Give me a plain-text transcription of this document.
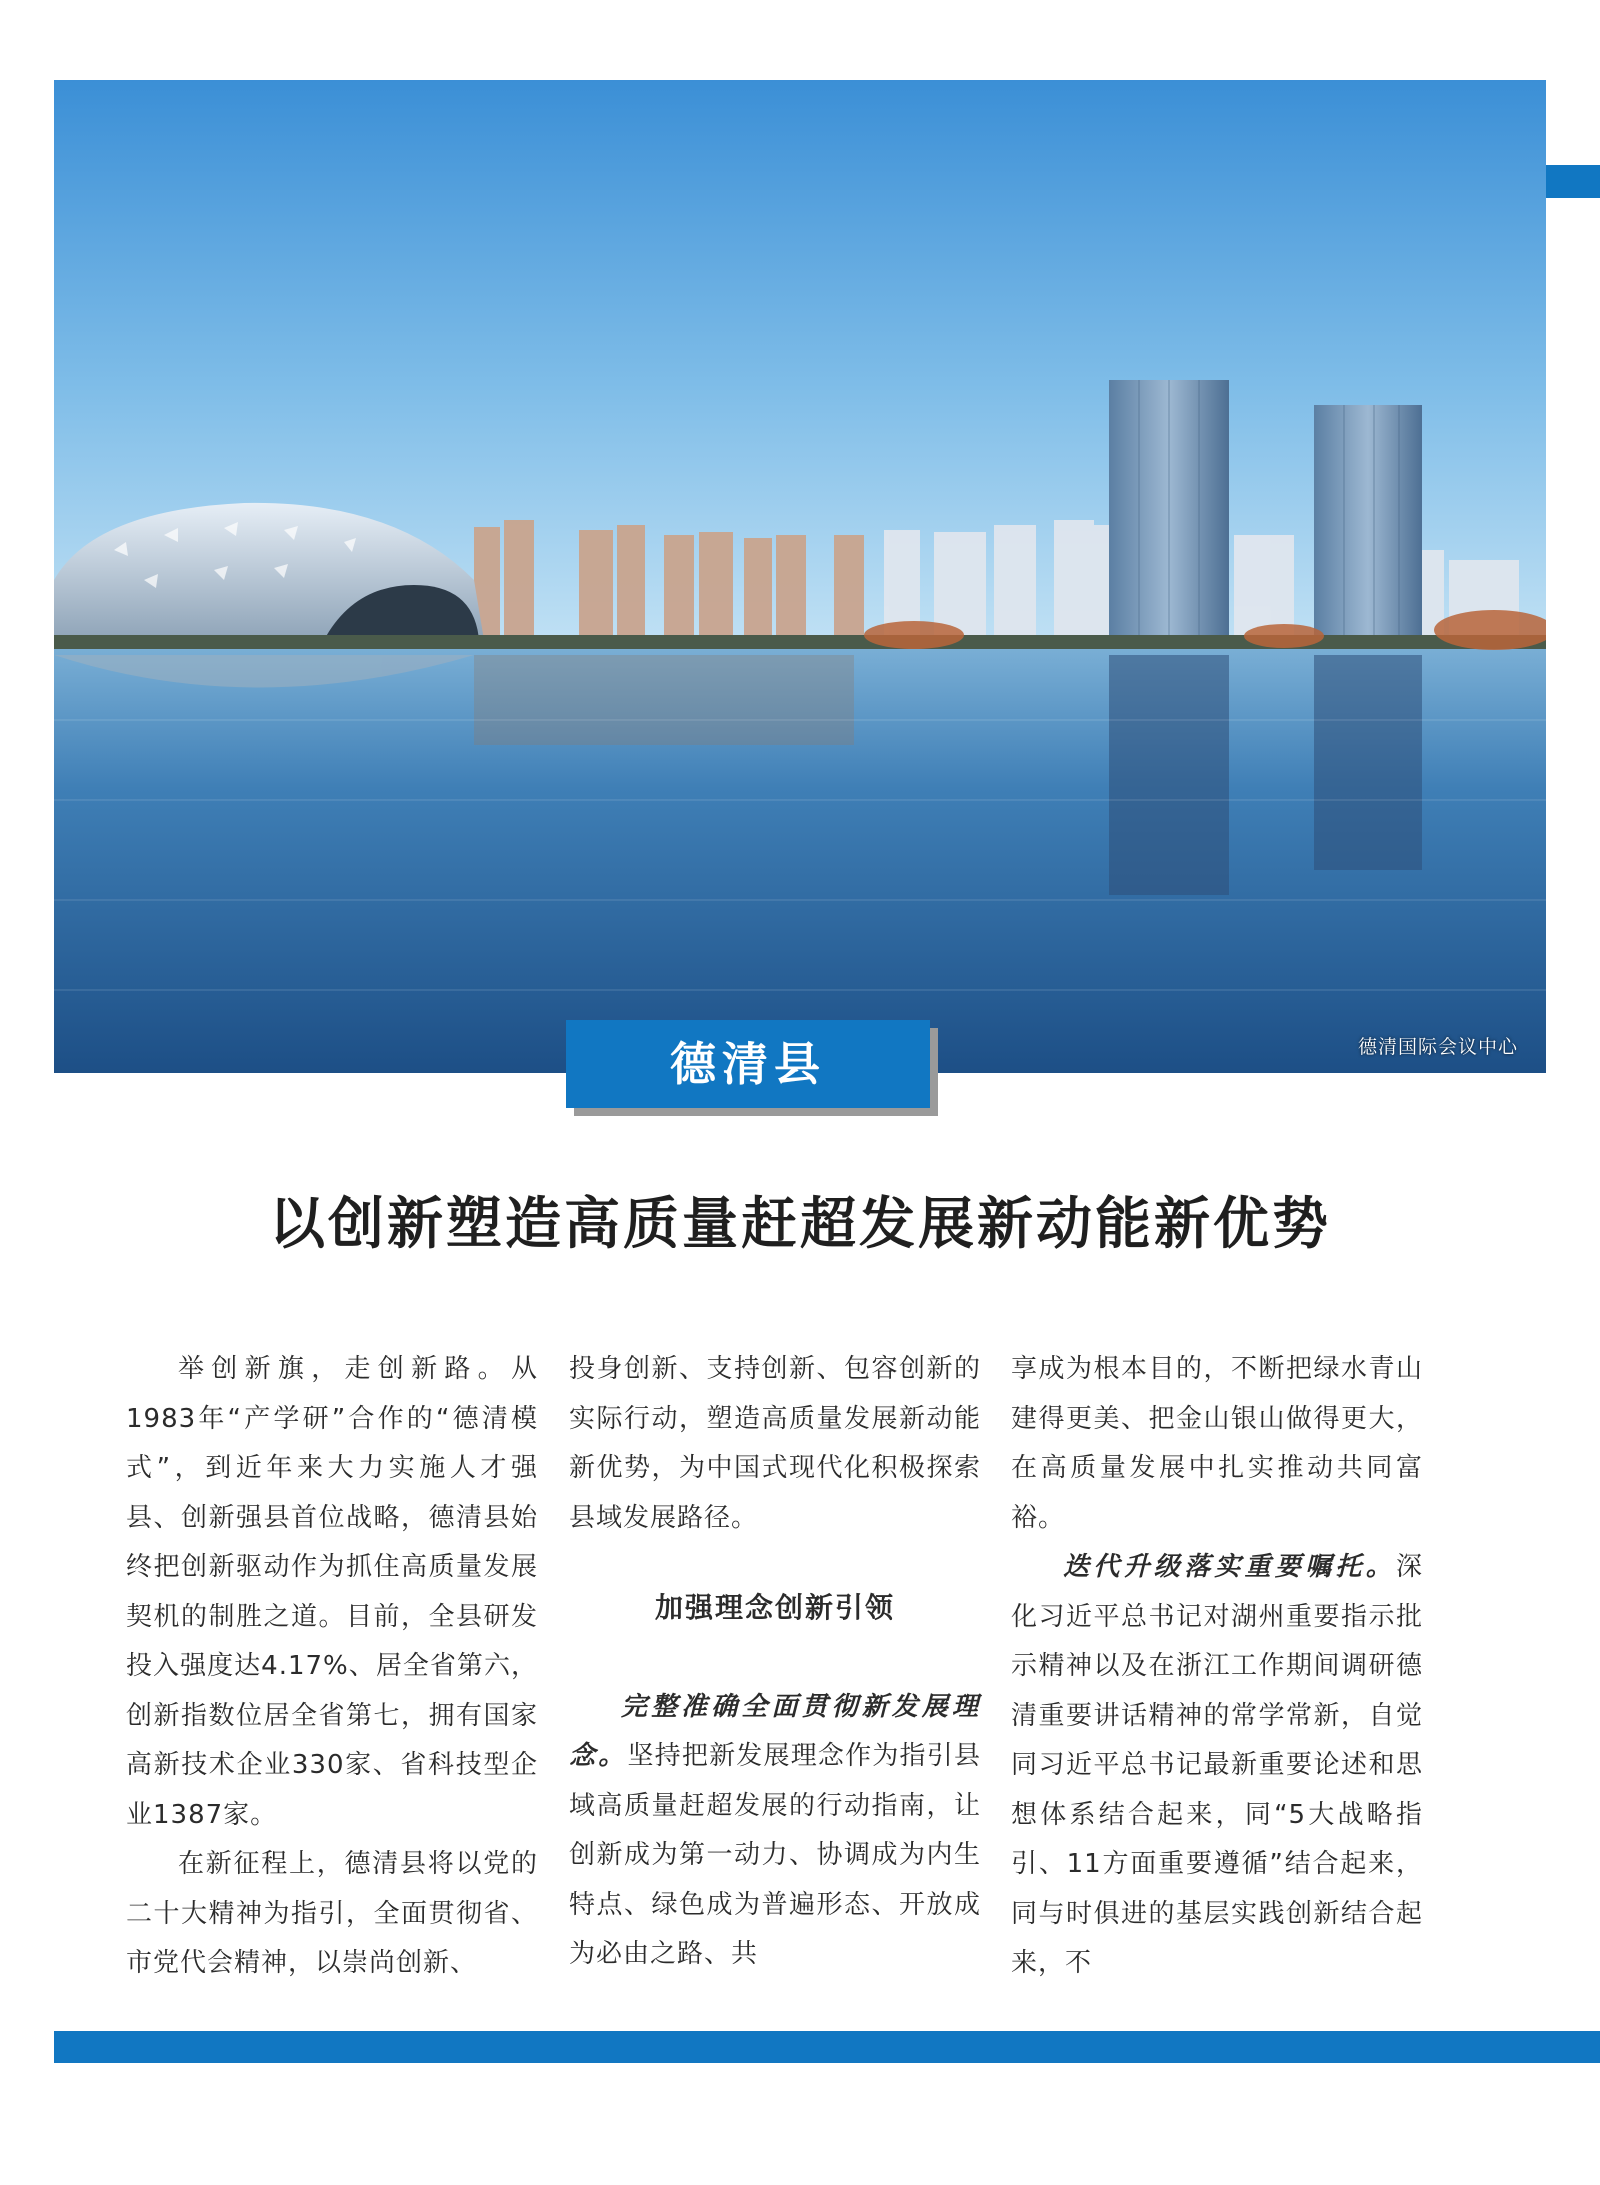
德清国际会议中心
德清县
以创新塑造高质量赶超发展新动能新优势

举创新旗，走创新路。从1983年“产学研”合作的“德清模式”，到近年来大力实施人才强县、创新强县首位战略，德清县始终把创新驱动作为抓住高质量发展契机的制胜之道。目前，全县研发投入强度达4.17%、居全省第六，创新指数位居全省第七，拥有国家高新技术企业330家、省科技型企业1387家。

在新征程上，德清县将以党的二十大精神为指引，全面贯彻省、市党代会精神，以崇尚创新、

投身创新、支持创新、包容创新的实际行动，塑造高质量发展新动能新优势，为中国式现代化积极探索县域发展路径。

加强理念创新引领

完整准确全面贯彻新发展理念。坚持把新发展理念作为指引县域高质量赶超发展的行动指南，让创新成为第一动力、协调成为内生特点、绿色成为普遍形态、开放成为必由之路、共

享成为根本目的，不断把绿水青山建得更美、把金山银山做得更大，在高质量发展中扎实推动共同富裕。

迭代升级落实重要嘱托。深化习近平总书记对湖州重要指示批示精神以及在浙江工作期间调研德清重要讲话精神的常学常新，自觉同习近平总书记最新重要论述和思想体系结合起来，同“5大战略指引、11方面重要遵循”结合起来，同与时俱进的基层实践创新结合起来，不
